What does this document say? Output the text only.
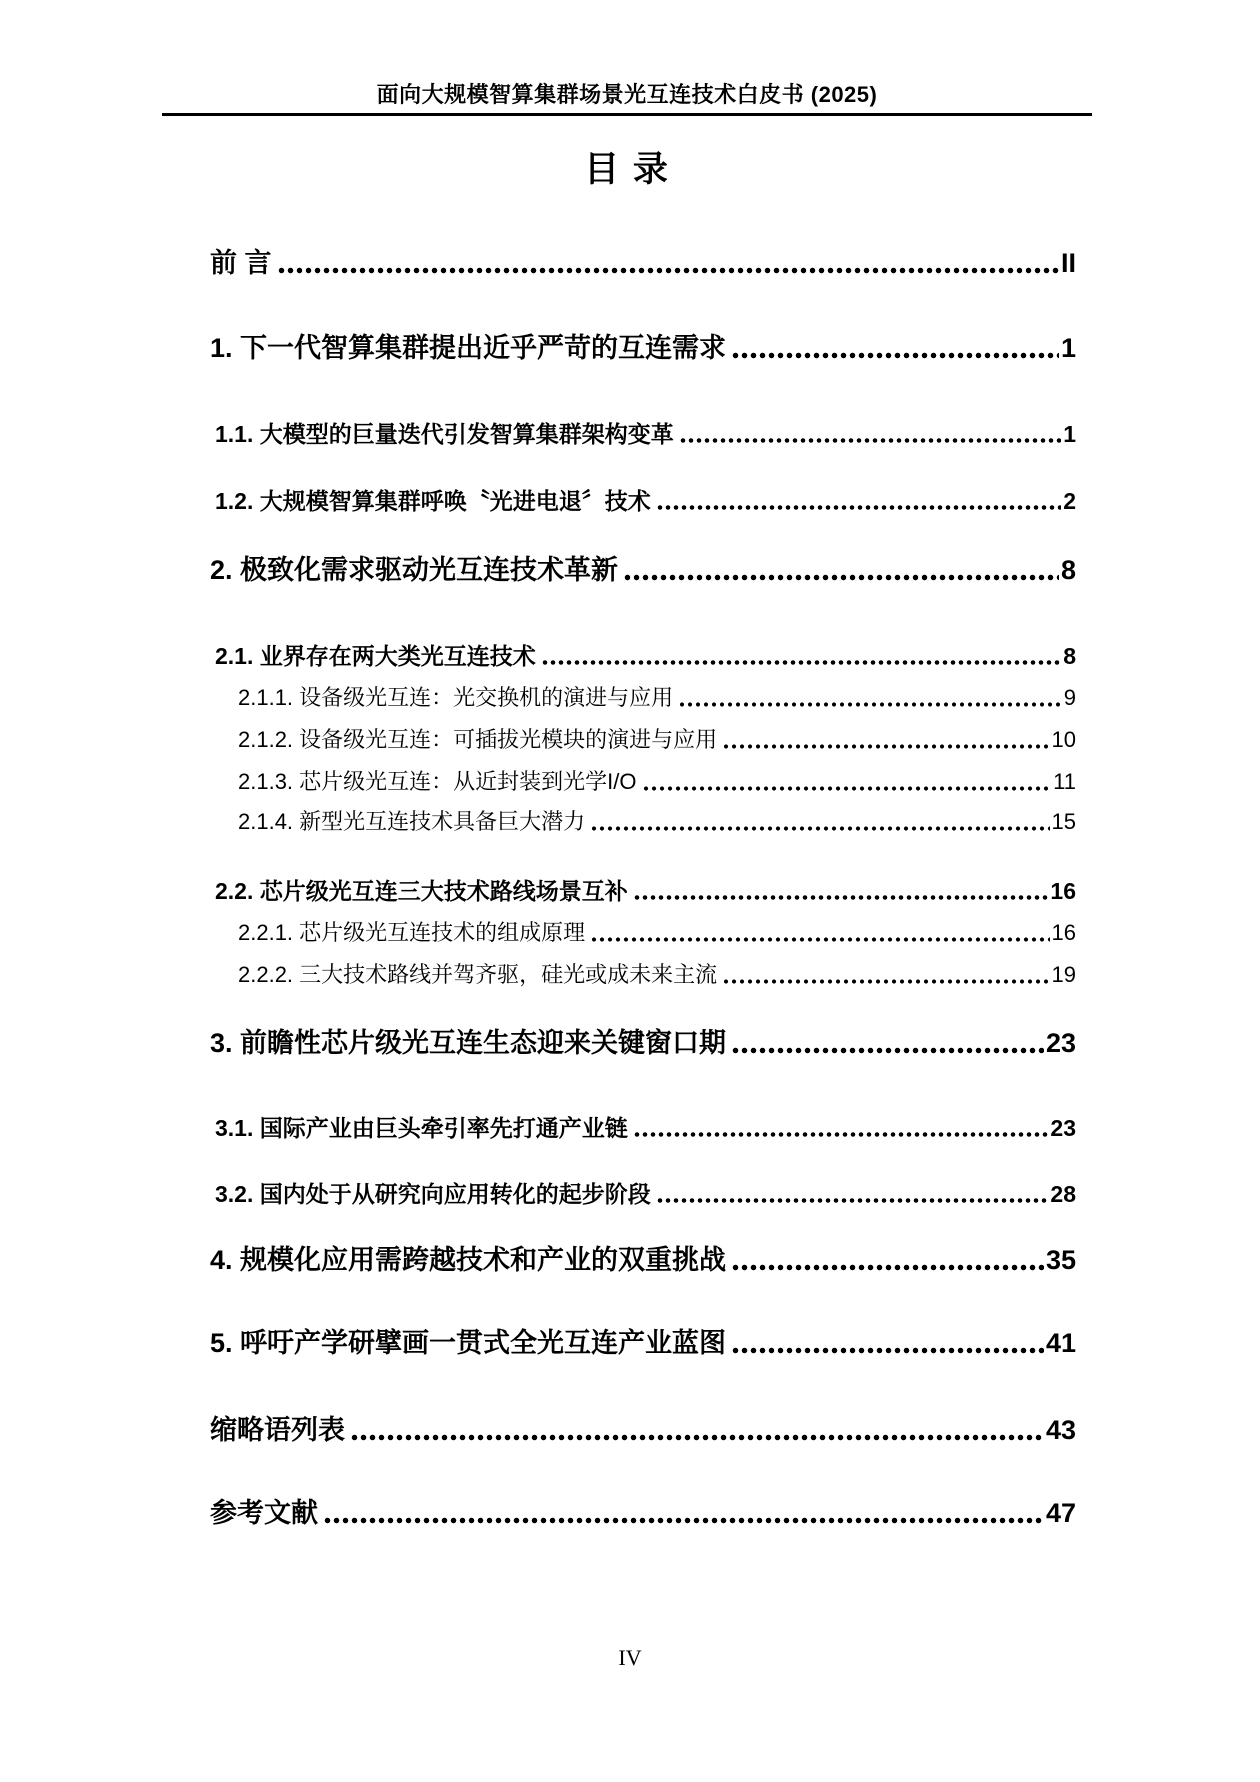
面向大规模智算集群场景光互连技术白皮书 (2025)
目 录
前 言	II
1. 下一代智算集群提出近乎严苛的互连需求	1
1.1. 大模型的巨量迭代引发智算集群架构变革	1
1.2. 大规模智算集群呼唤〝光进电退〞技术	2
2. 极致化需求驱动光互连技术革新	8
2.1. 业界存在两大类光互连技术	8
2.1.1. 设备级光互连：光交换机的演进与应用	9
2.1.2. 设备级光互连：可插拔光模块的演进与应用	10
2.1.3. 芯片级光互连：从近封装到光学I/O	11
2.1.4. 新型光互连技术具备巨大潜力	15
2.2. 芯片级光互连三大技术路线场景互补	16
2.2.1. 芯片级光互连技术的组成原理	16
2.2.2. 三大技术路线并驾齐驱，硅光或成未来主流	19
3. 前瞻性芯片级光互连生态迎来关键窗口期	23
3.1. 国际产业由巨头牵引率先打通产业链	23
3.2. 国内处于从研究向应用转化的起步阶段	28
4. 规模化应用需跨越技术和产业的双重挑战	35
5. 呼吁产学研擘画一贯式全光互连产业蓝图	41
缩略语列表	43
参考文献	47
IV
